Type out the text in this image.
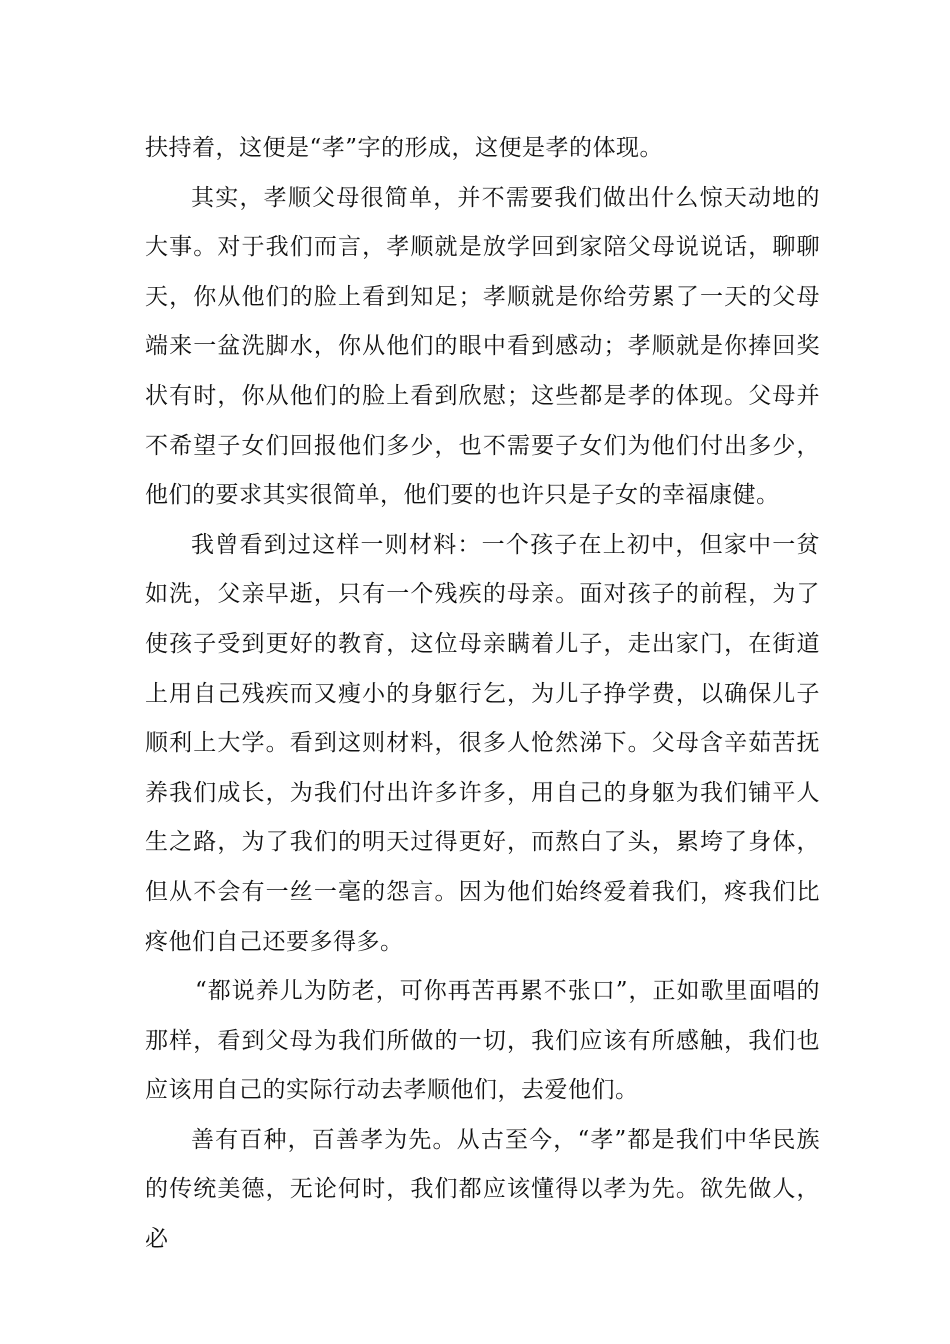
扶持着，这便是“孝”字的形成，这便是孝的体现。

其实，孝顺父母很简单，并不需要我们做出什么惊天动地的大事。对于我们而言，孝顺就是放学回到家陪父母说说话，聊聊天，你从他们的脸上看到知足；孝顺就是你给劳累了一天的父母端来一盆洗脚水，你从他们的眼中看到感动；孝顺就是你捧回奖状有时，你从他们的脸上看到欣慰；这些都是孝的体现。父母并不希望子女们回报他们多少，也不需要子女们为他们付出多少，他们的要求其实很简单，他们要的也许只是子女的幸福康健。

我曾看到过这样一则材料：一个孩子在上初中，但家中一贫如洗，父亲早逝，只有一个残疾的母亲。面对孩子的前程，为了使孩子受到更好的教育，这位母亲瞒着儿子，走出家门，在街道上用自己残疾而又瘦小的身躯行乞，为儿子挣学费，以确保儿子顺利上大学。看到这则材料，很多人怆然涕下。父母含辛茹苦抚养我们成长，为我们付出许多许多，用自己的身躯为我们铺平人生之路，为了我们的明天过得更好，而熬白了头，累垮了身体，但从不会有一丝一毫的怨言。因为他们始终爱着我们，疼我们比疼他们自己还要多得多。

“都说养儿为防老，可你再苦再累不张口”，正如歌里面唱的那样，看到父母为我们所做的一切，我们应该有所感触，我们也应该用自己的实际行动去孝顺他们，去爱他们。

善有百种，百善孝为先。从古至今，“孝”都是我们中华民族的传统美德，无论何时，我们都应该懂得以孝为先。欲先做人，必
